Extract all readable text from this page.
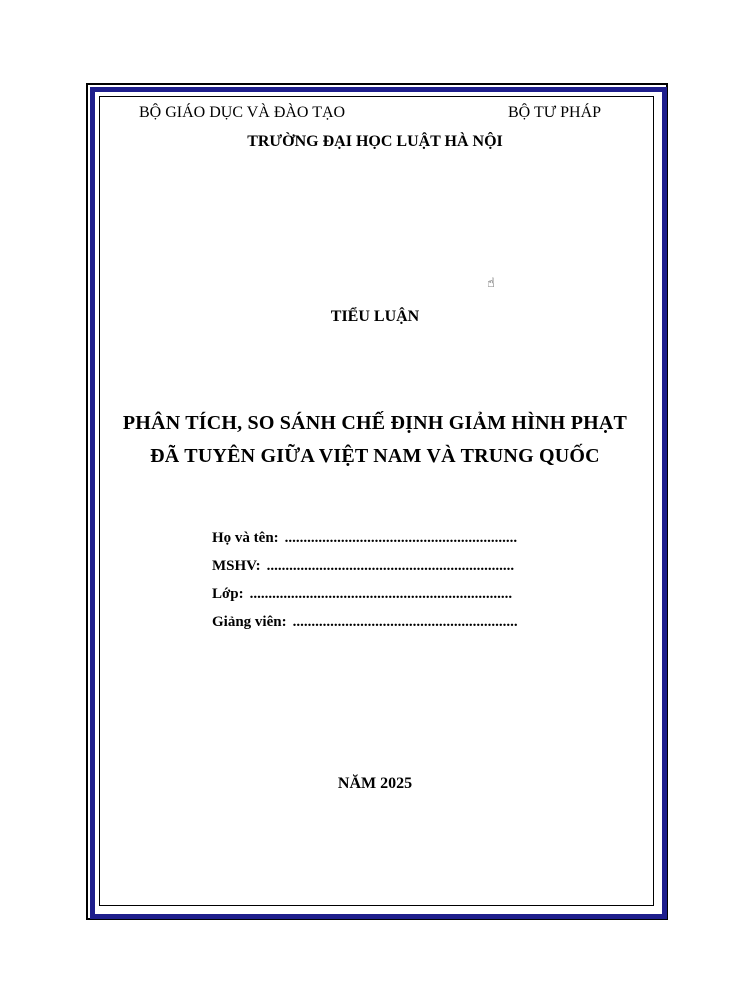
BỘ GIÁO DỤC VÀ ĐÀO TẠO	BỘ TƯ PHÁP
TRƯỜNG ĐẠI HỌC LUẬT HÀ NỘI
☝
TIỂU LUẬN
PHÂN TÍCH, SO SÁNH CHẾ ĐỊNH GIẢM HÌNH PHẠT
ĐÃ TUYÊN GIỮA VIỆT NAM VÀ TRUNG QUỐC
Họ và tên: ..............................................................
MSHV: ..................................................................
Lớp: ......................................................................
Giảng viên: ............................................................
NĂM 2025
